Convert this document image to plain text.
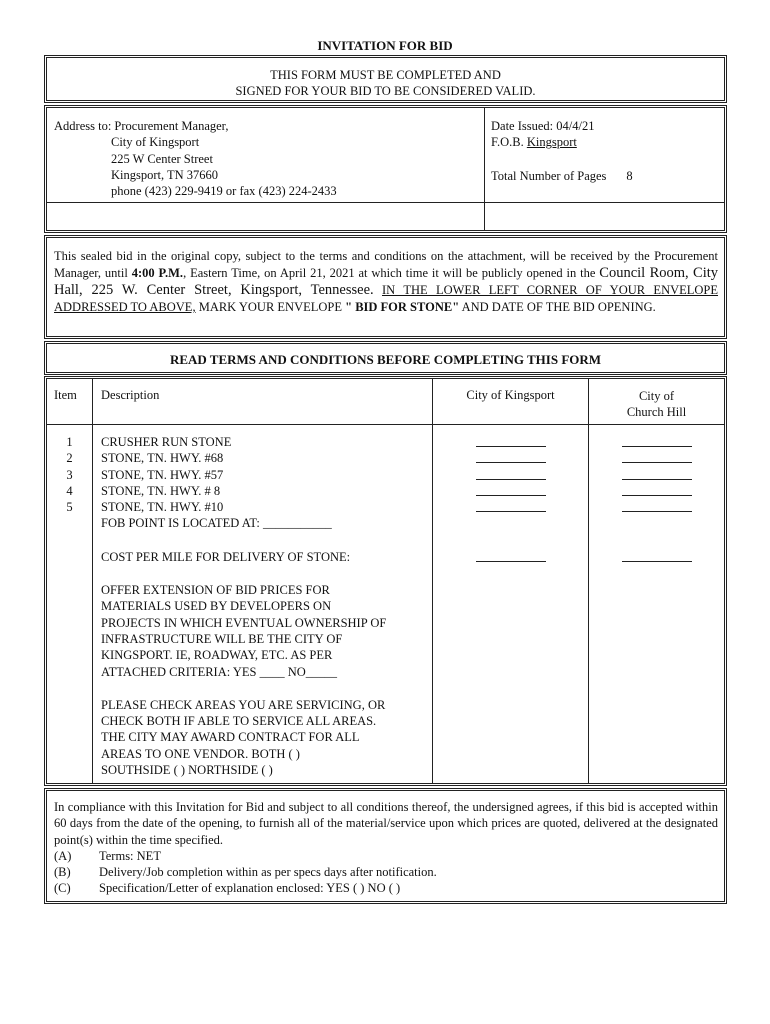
INVITATION FOR BID
THIS FORM MUST BE COMPLETED AND
SIGNED FOR YOUR BID TO BE CONSIDERED VALID.
Address to: Procurement Manager,
City of Kingsport
225 W Center Street
Kingsport, TN 37660
phone (423) 229-9419 or fax (423) 224-2433
Date Issued: 04/4/21
F.O.B. Kingsport
Total Number of Pages 8
This sealed bid in the original copy, subject to the terms and conditions on the attachment, will be received by the Procurement Manager, until 4:00 P.M., Eastern Time, on April 21, 2021 at which time it will be publicly opened in the Council Room, City Hall, 225 W. Center Street, Kingsport, Tennessee. IN THE LOWER LEFT CORNER OF YOUR ENVELOPE ADDRESSED TO ABOVE, MARK YOUR ENVELOPE " BID FOR STONE" AND DATE OF THE BID OPENING.
READ TERMS AND CONDITIONS BEFORE COMPLETING THIS FORM
Item Description	City of Kingsport	City of
Church Hill
1
2
3
4
5
CRUSHER RUN STONE
STONE, TN. HWY. #68
STONE, TN. HWY. #57
STONE, TN. HWY. # 8
STONE, TN. HWY. #10
FOB POINT IS LOCATED AT: ___________
COST PER MILE FOR DELIVERY OF STONE:
OFFER EXTENSION OF BID PRICES FOR
MATERIALS USED BY DEVELOPERS ON
PROJECTS IN WHICH EVENTUAL OWNERSHIP OF
INFRASTRUCTURE WILL BE THE CITY OF
KINGSPORT. IE, ROADWAY, ETC. AS PER
ATTACHED CRITERIA: YES ____ NO_____
PLEASE CHECK AREAS YOU ARE SERVICING, OR
CHECK BOTH IF ABLE TO SERVICE ALL AREAS.
THE CITY MAY AWARD CONTRACT FOR ALL
AREAS TO ONE VENDOR. BOTH ( )
SOUTHSIDE ( ) NORTHSIDE ( )
In compliance with this Invitation for Bid and subject to all conditions thereof, the undersigned agrees, if this bid is accepted within 60 days from the date of the opening, to furnish all of the material/service upon which prices are quoted, delivered at the designated point(s) within the time specified.
(A) Terms: NET
(B) Delivery/Job completion within as per specs days after notification.
(C) Specification/Letter of explanation enclosed: YES ( ) NO ( )
